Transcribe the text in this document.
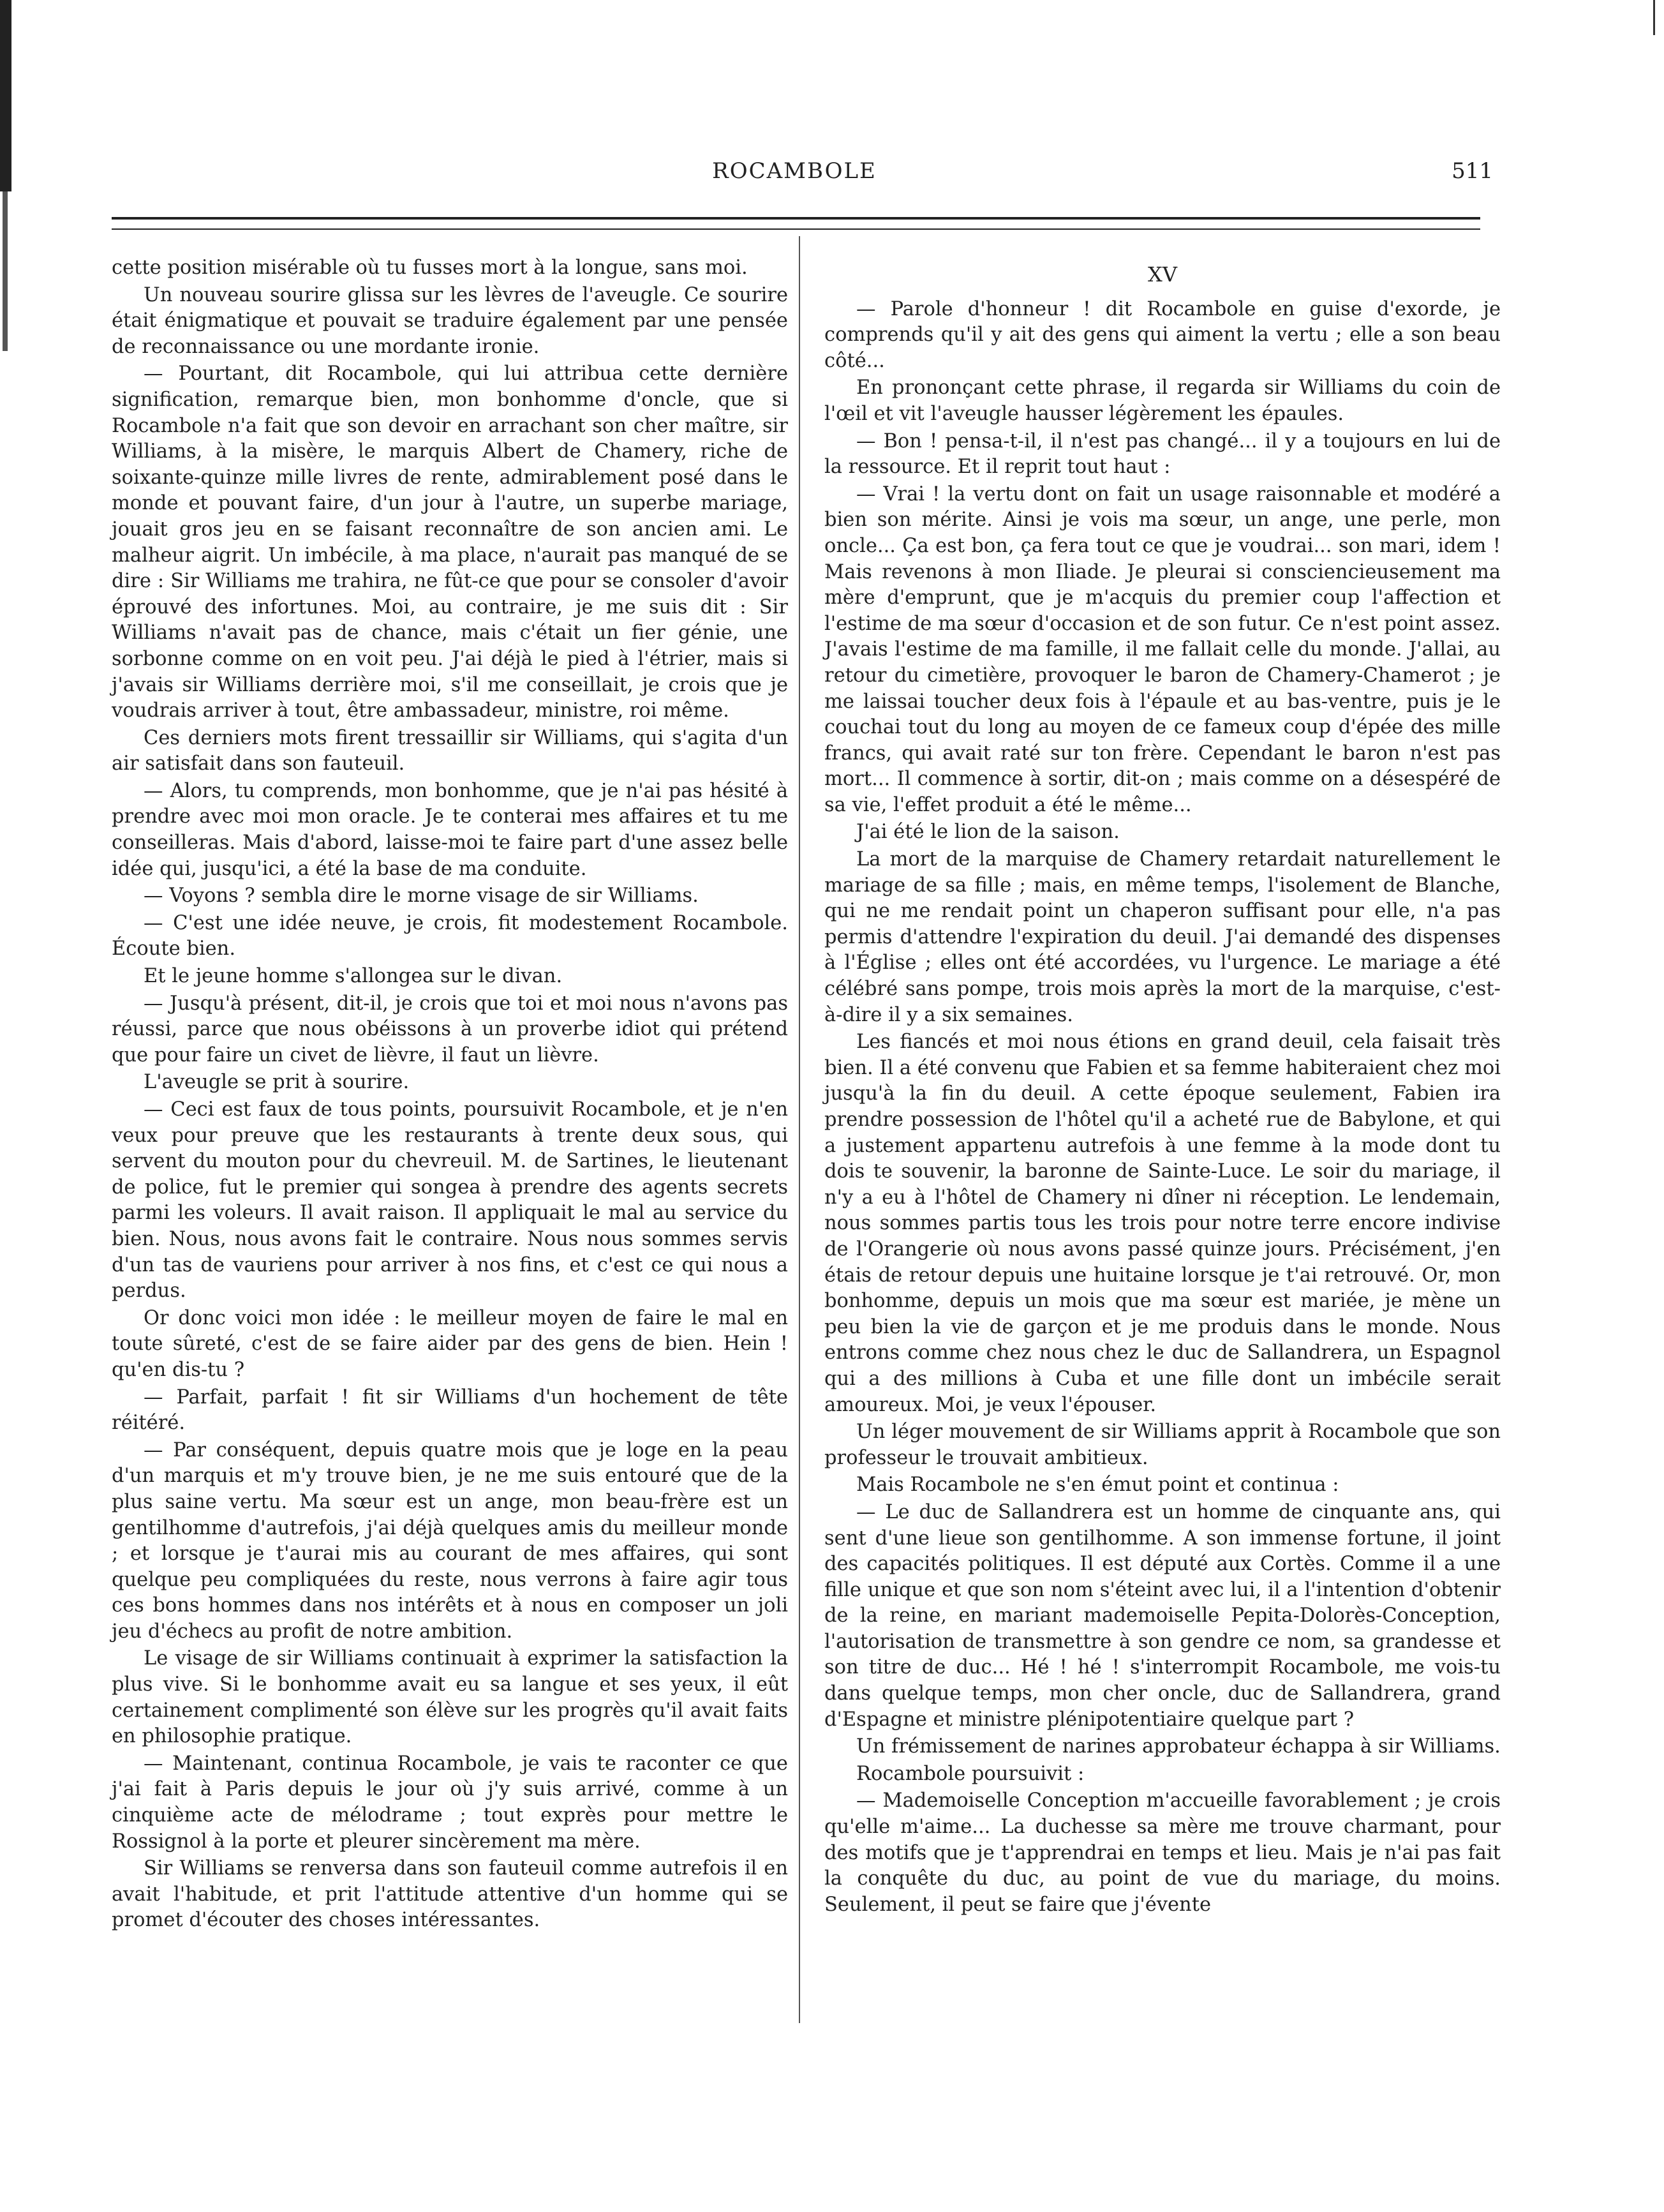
ROCAMBOLE	511

cette position misérable où tu fusses mort à la longue, sans moi.

Un nouveau sourire glissa sur les lèvres de l'aveugle. Ce sourire était énigmatique et pouvait se traduire également par une pensée de reconnaissance ou une mordante ironie.

— Pourtant, dit Rocambole, qui lui attribua cette dernière signification, remarque bien, mon bonhomme d'oncle, que si Rocambole n'a fait que son devoir en arrachant son cher maître, sir Williams, à la misère, le marquis Albert de Chamery, riche de soixante-quinze mille livres de rente, admirablement posé dans le monde et pouvant faire, d'un jour à l'autre, un superbe mariage, jouait gros jeu en se faisant reconnaître de son ancien ami. Le malheur aigrit. Un imbécile, à ma place, n'aurait pas manqué de se dire : Sir Williams me trahira, ne fût-ce que pour se consoler d'avoir éprouvé des infortunes. Moi, au contraire, je me suis dit : Sir Williams n'avait pas de chance, mais c'était un fier génie, une sorbonne comme on en voit peu. J'ai déjà le pied à l'étrier, mais si j'avais sir Williams derrière moi, s'il me conseillait, je crois que je voudrais arriver à tout, être ambassadeur, ministre, roi même.

Ces derniers mots firent tressaillir sir Williams, qui s'agita d'un air satisfait dans son fauteuil.

— Alors, tu comprends, mon bonhomme, que je n'ai pas hésité à prendre avec moi mon oracle. Je te conterai mes affaires et tu me conseilleras. Mais d'abord, laisse-moi te faire part d'une assez belle idée qui, jusqu'ici, a été la base de ma conduite.

— Voyons ? sembla dire le morne visage de sir Williams.

— C'est une idée neuve, je crois, fit modestement Rocambole. Écoute bien.

Et le jeune homme s'allongea sur le divan.

— Jusqu'à présent, dit-il, je crois que toi et moi nous n'avons pas réussi, parce que nous obéissons à un proverbe idiot qui prétend que pour faire un civet de lièvre, il faut un lièvre.

L'aveugle se prit à sourire.

— Ceci est faux de tous points, poursuivit Rocambole, et je n'en veux pour preuve que les restaurants à trente deux sous, qui servent du mouton pour du chevreuil. M. de Sartines, le lieutenant de police, fut le premier qui songea à prendre des agents secrets parmi les voleurs. Il avait raison. Il appliquait le mal au service du bien. Nous, nous avons fait le contraire. Nous nous sommes servis d'un tas de vauriens pour arriver à nos fins, et c'est ce qui nous a perdus.

Or donc voici mon idée : le meilleur moyen de faire le mal en toute sûreté, c'est de se faire aider par des gens de bien. Hein ! qu'en dis-tu ?

— Parfait, parfait ! fit sir Williams d'un hochement de tête réitéré.

— Par conséquent, depuis quatre mois que je loge en la peau d'un marquis et m'y trouve bien, je ne me suis entouré que de la plus saine vertu. Ma sœur est un ange, mon beau-frère est un gentilhomme d'autrefois, j'ai déjà quelques amis du meilleur monde ; et lorsque je t'aurai mis au courant de mes affaires, qui sont quelque peu compliquées du reste, nous verrons à faire agir tous ces bons hommes dans nos intérêts et à nous en composer un joli jeu d'échecs au profit de notre ambition.

Le visage de sir Williams continuait à exprimer la satisfaction la plus vive. Si le bonhomme avait eu sa langue et ses yeux, il eût certainement complimenté son élève sur les progrès qu'il avait faits en philosophie pratique.

— Maintenant, continua Rocambole, je vais te raconter ce que j'ai fait à Paris depuis le jour où j'y suis arrivé, comme à un cinquième acte de mélodrame ; tout exprès pour mettre le Rossignol à la porte et pleurer sincèrement ma mère.

Sir Williams se renversa dans son fauteuil comme autrefois il en avait l'habitude, et prit l'attitude attentive d'un homme qui se promet d'écouter des choses intéressantes.

XV

— Parole d'honneur ! dit Rocambole en guise d'exorde, je comprends qu'il y ait des gens qui aiment la vertu ; elle a son beau côté...

En prononçant cette phrase, il regarda sir Williams du coin de l'œil et vit l'aveugle hausser légèrement les épaules.

— Bon ! pensa-t-il, il n'est pas changé... il y a toujours en lui de la ressource. Et il reprit tout haut :

— Vrai ! la vertu dont on fait un usage raisonnable et modéré a bien son mérite. Ainsi je vois ma sœur, un ange, une perle, mon oncle... Ça est bon, ça fera tout ce que je voudrai... son mari, idem ! Mais revenons à mon Iliade. Je pleurai si consciencieusement ma mère d'emprunt, que je m'acquis du premier coup l'affection et l'estime de ma sœur d'occasion et de son futur. Ce n'est point assez. J'avais l'estime de ma famille, il me fallait celle du monde. J'allai, au retour du cimetière, provoquer le baron de Chamery-Chamerot ; je me laissai toucher deux fois à l'épaule et au bas-ventre, puis je le couchai tout du long au moyen de ce fameux coup d'épée des mille francs, qui avait raté sur ton frère. Cependant le baron n'est pas mort... Il commence à sortir, dit-on ; mais comme on a désespéré de sa vie, l'effet produit a été le même...

J'ai été le lion de la saison.

La mort de la marquise de Chamery retardait naturellement le mariage de sa fille ; mais, en même temps, l'isolement de Blanche, qui ne me rendait point un chaperon suffisant pour elle, n'a pas permis d'attendre l'expiration du deuil. J'ai demandé des dispenses à l'Église ; elles ont été accordées, vu l'urgence. Le mariage a été célébré sans pompe, trois mois après la mort de la marquise, c'est-à-dire il y a six semaines.

Les fiancés et moi nous étions en grand deuil, cela faisait très bien. Il a été convenu que Fabien et sa femme habiteraient chez moi jusqu'à la fin du deuil. A cette époque seulement, Fabien ira prendre possession de l'hôtel qu'il a acheté rue de Babylone, et qui a justement appartenu autrefois à une femme à la mode dont tu dois te souvenir, la baronne de Sainte-Luce. Le soir du mariage, il n'y a eu à l'hôtel de Chamery ni dîner ni réception. Le lendemain, nous sommes partis tous les trois pour notre terre encore indivise de l'Orangerie où nous avons passé quinze jours. Précisément, j'en étais de retour depuis une huitaine lorsque je t'ai retrouvé. Or, mon bonhomme, depuis un mois que ma sœur est mariée, je mène un peu bien la vie de garçon et je me produis dans le monde. Nous entrons comme chez nous chez le duc de Sallandrera, un Espagnol qui a des millions à Cuba et une fille dont un imbécile serait amoureux. Moi, je veux l'épouser.

Un léger mouvement de sir Williams apprit à Rocambole que son professeur le trouvait ambitieux.

Mais Rocambole ne s'en émut point et continua :

— Le duc de Sallandrera est un homme de cinquante ans, qui sent d'une lieue son gentilhomme. A son immense fortune, il joint des capacités politiques. Il est député aux Cortès. Comme il a une fille unique et que son nom s'éteint avec lui, il a l'intention d'obtenir de la reine, en mariant mademoiselle Pepita-Dolorès-Conception, l'autorisation de transmettre à son gendre ce nom, sa grandesse et son titre de duc... Hé ! hé ! s'interrompit Rocambole, me vois-tu dans quelque temps, mon cher oncle, duc de Sallandrera, grand d'Espagne et ministre plénipotentiaire quelque part ?

Un frémissement de narines approbateur échappa à sir Williams.

Rocambole poursuivit :

— Mademoiselle Conception m'accueille favorablement ; je crois qu'elle m'aime... La duchesse sa mère me trouve charmant, pour des motifs que je t'apprendrai en temps et lieu. Mais je n'ai pas fait la conquête du duc, au point de vue du mariage, du moins. Seulement, il peut se faire que j'évente
